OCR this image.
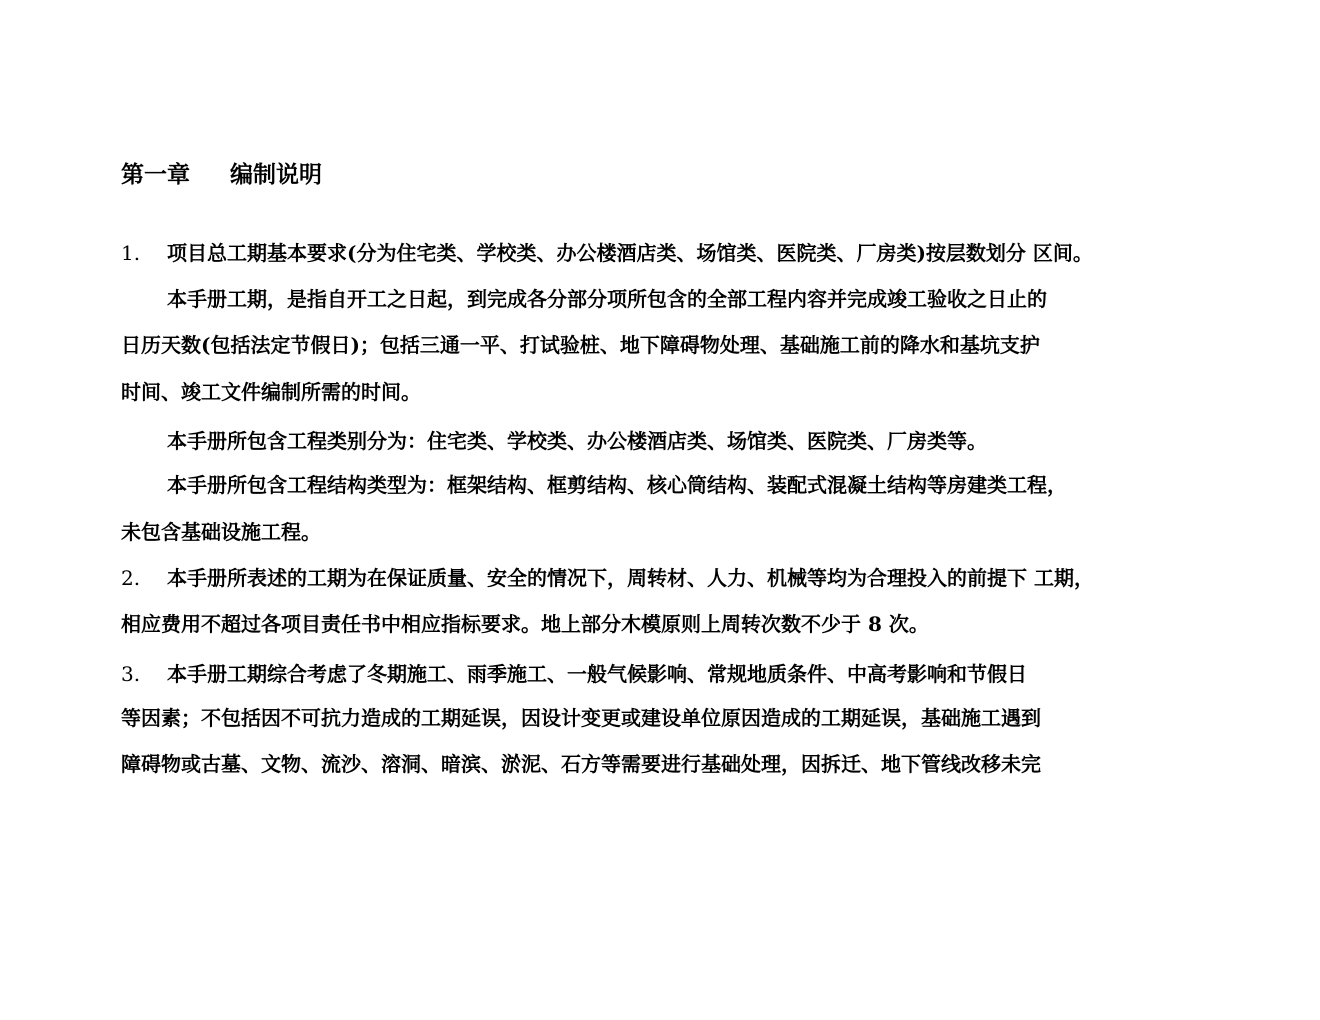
第一章 编制说明
1. 项目总工期基本要求(分为住宅类、学校类、办公楼酒店类、场馆类、医院类、厂房类)按层数划分 区间。
本手册工期，是指自开工之日起，到完成各分部分项所包含的全部工程内容并完成竣工验收之日止的
日历天数(包括法定节假日)；包括三通一平、打试验桩、地下障碍物处理、基础施工前的降水和基坑支护
时间、竣工文件编制所需的时间。
本手册所包含工程类别分为：住宅类、学校类、办公楼酒店类、场馆类、医院类、厂房类等。
本手册所包含工程结构类型为：框架结构、框剪结构、核心筒结构、装配式混凝土结构等房建类工程，
未包含基础设施工程。
2. 本手册所表述的工期为在保证质量、安全的情况下，周转材、人力、机械等均为合理投入的前提下 工期，
相应费用不超过各项目责任书中相应指标要求。地上部分木模原则上周转次数不少于 8 次。
3. 本手册工期综合考虑了冬期施工、雨季施工、一般气候影响、常规地质条件、中高考影响和节假日
等因素；不包括因不可抗力造成的工期延误，因设计变更或建设单位原因造成的工期延误，基础施工遇到
障碍物或古墓、文物、流沙、溶洞、暗滨、淤泥、石方等需要进行基础处理，因拆迁、地下管线改移未完
